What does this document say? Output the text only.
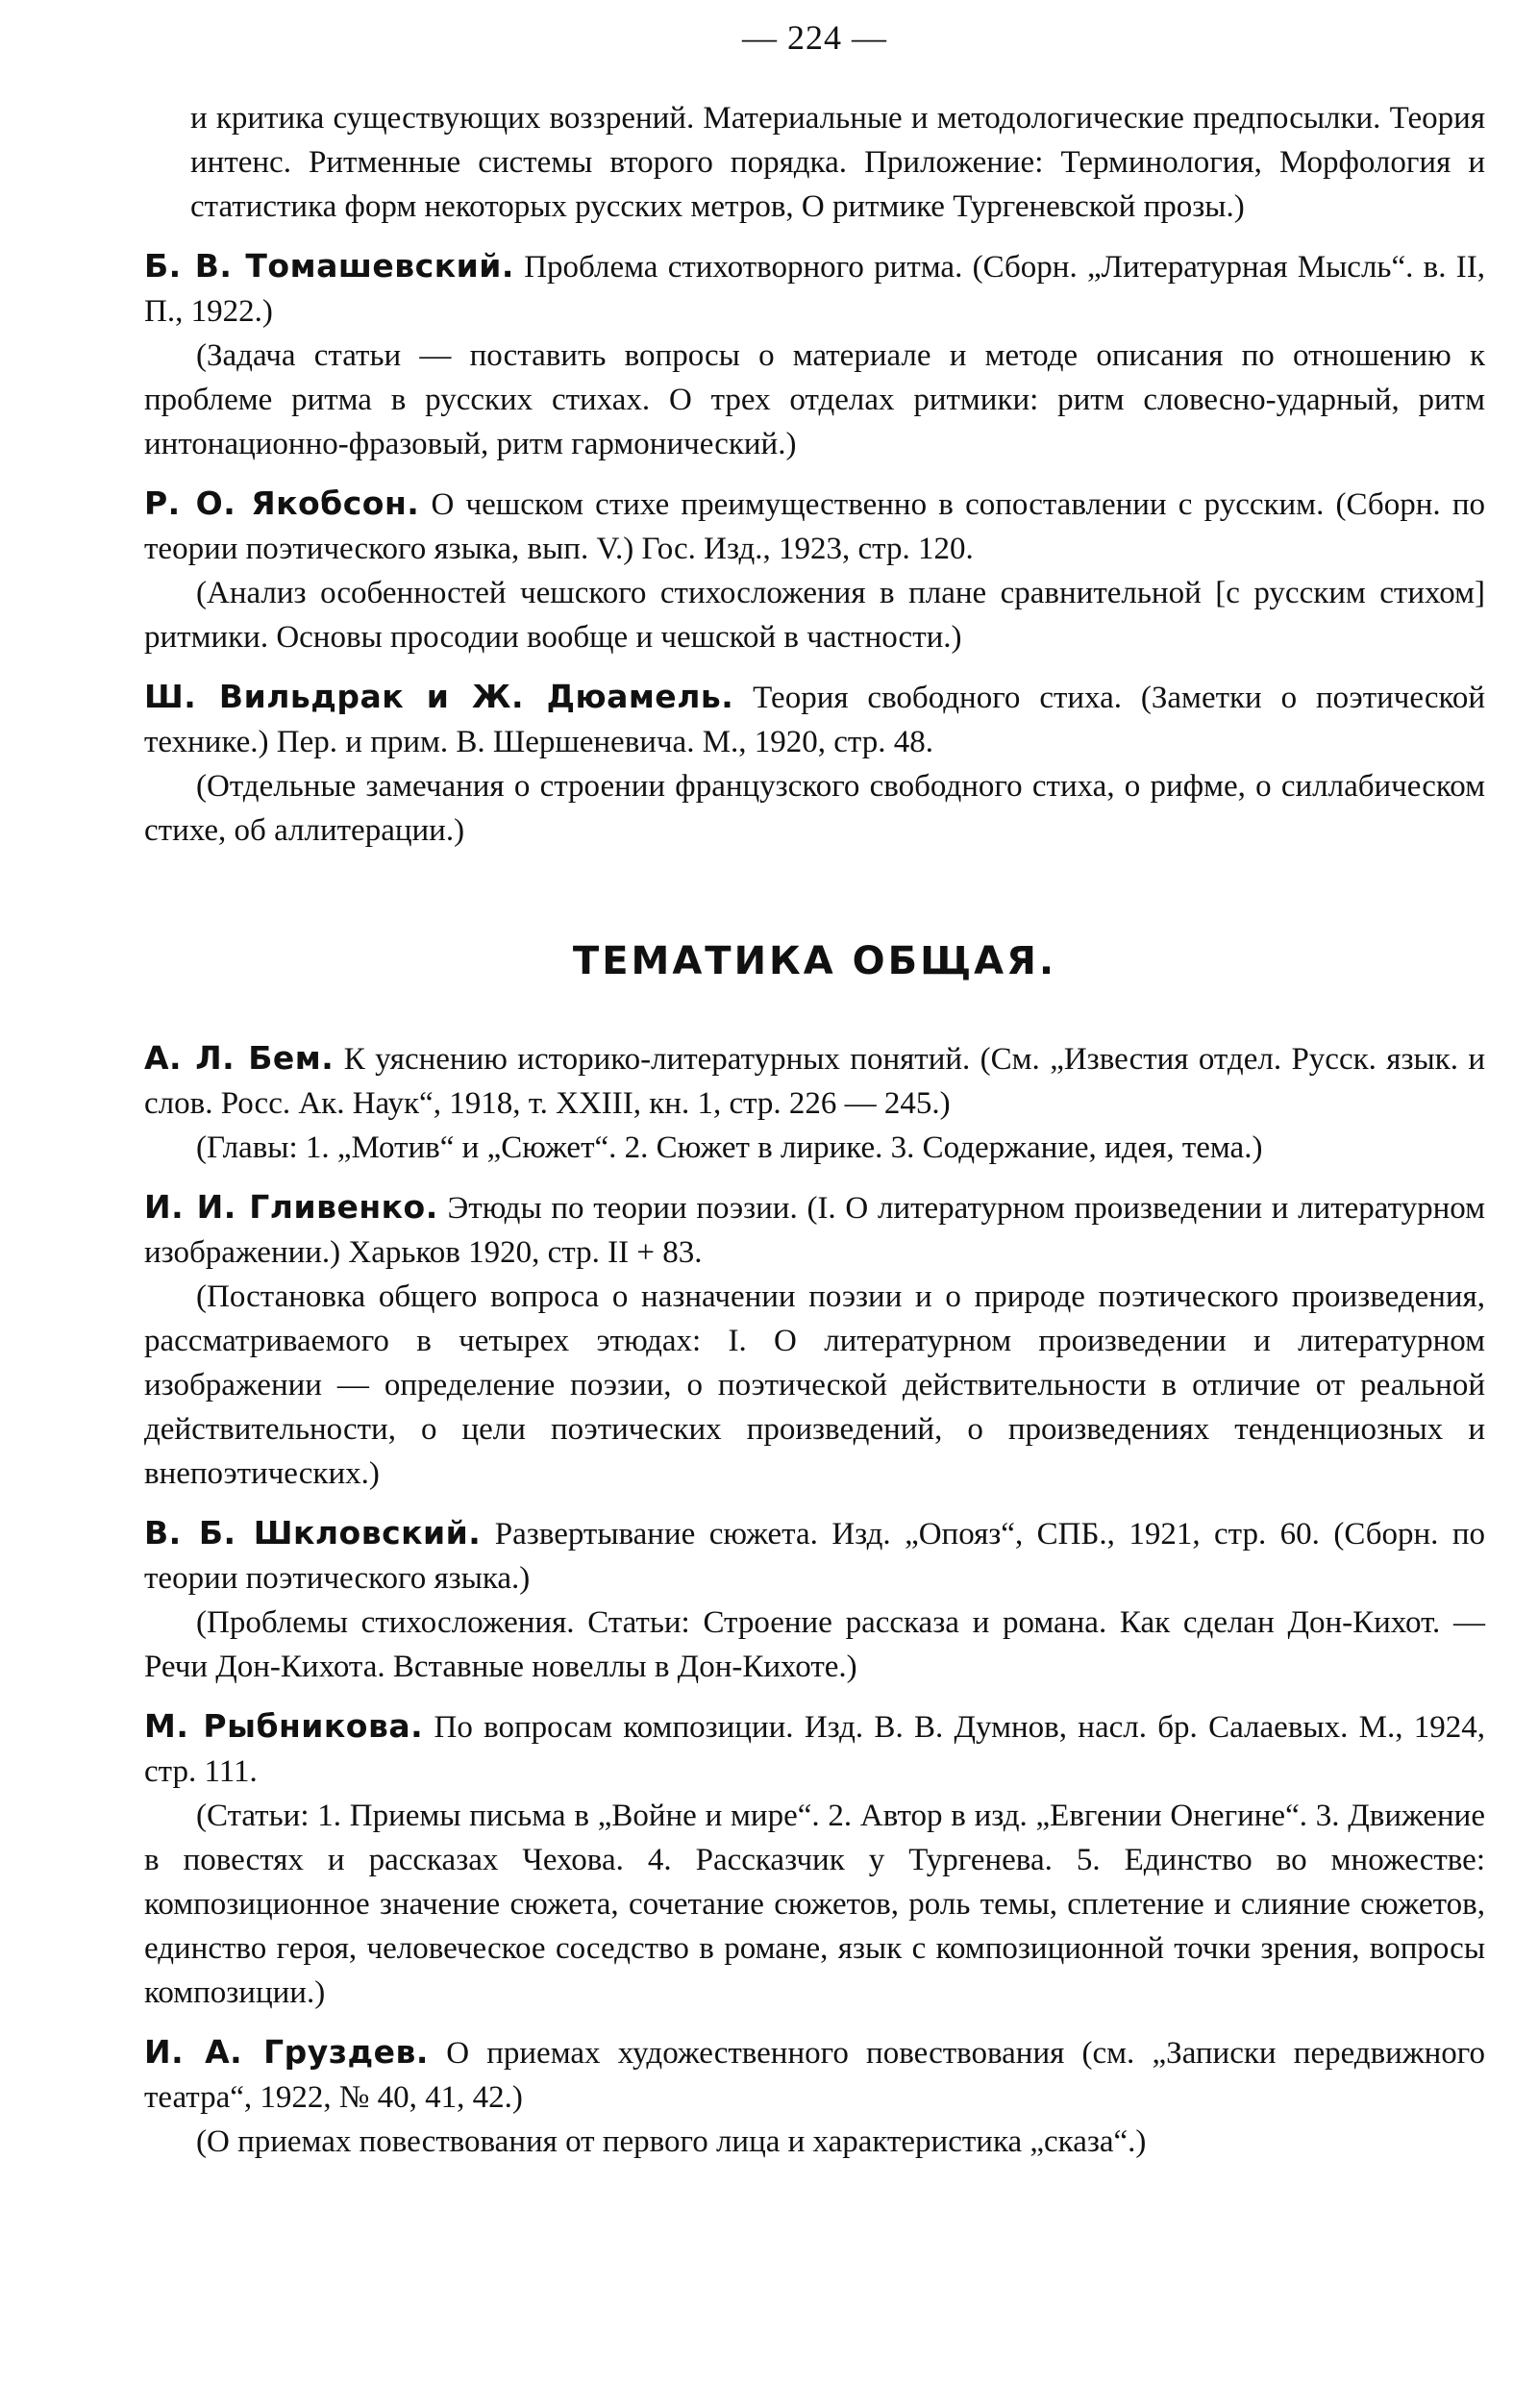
— 224 —

и критика существующих воззрений. Материальные и методологические предпосылки. Теория интенс. Ритменные системы второго порядка. Приложение: Терминология, Морфология и статистика форм некоторых русских метров, О ритмике Тургеневской прозы.)

Б. В. Томашевский. Проблема стихотворного ритма. (Сборн. „Литературная Мысль“. в. II, П., 1922.)

(Задача статьи — поставить вопросы о материале и методе описания по отношению к проблеме ритма в русских стихах. О трех отделах ритмики: ритм словесно-ударный, ритм интонационно-фразовый, ритм гармонический.)

Р. О. Якобсон. О чешском стихе преимущественно в сопоставлении с русским. (Сборн. по теории поэтического языка, вып. V.) Гос. Изд., 1923, стр. 120.

(Анализ особенностей чешского стихосложения в плане сравнительной [с русским стихом] ритмики. Основы просодии вообще и чешской в частности.)

Ш. Вильдрак и Ж. Дюамель. Теория свободного стиха. (Заметки о поэтической технике.) Пер. и прим. В. Шершеневича. М., 1920, стр. 48.

(Отдельные замечания о строении французского свободного стиха, о рифме, о силлабическом стихе, об аллитерации.)

ТЕМАТИКА ОБЩАЯ.

А. Л. Бем. К уяснению историко-литературных понятий. (См. „Известия отдел. Русск. язык. и слов. Росс. Ак. Наук“, 1918, т. XXIII, кн. 1, стр. 226 — 245.)

(Главы: 1. „Мотив“ и „Сюжет“. 2. Сюжет в лирике. 3. Содержание, идея, тема.)

И. И. Гливенко. Этюды по теории поэзии. (I. О литературном произведении и литературном изображении.) Харьков 1920, стр. II + 83.

(Постановка общего вопроса о назначении поэзии и о природе поэтического произведения, рассматриваемого в четырех этюдах: I. О литературном произведении и литературном изображении — определение поэзии, о поэтической действительности в отличие от реальной действительности, о цели поэтических произведений, о произведениях тенденциозных и внепоэтических.)

В. Б. Шкловский. Развертывание сюжета. Изд. „Опояз“, СПБ., 1921, стр. 60. (Сборн. по теории поэтического языка.)

(Проблемы стихосложения. Статьи: Строение рассказа и романа. Как сделан Дон-Кихот. — Речи Дон-Кихота. Вставные новеллы в Дон-Кихоте.)

М. Рыбникова. По вопросам композиции. Изд. В. В. Думнов, насл. бр. Салаевых. М., 1924, стр. 111.

(Статьи: 1. Приемы письма в „Войне и мире“. 2. Автор в изд. „Евгении Онегине“. 3. Движение в повестях и рассказах Чехова. 4. Рассказчик у Тургенева. 5. Единство во множестве: композиционное значение сюжета, сочетание сюжетов, роль темы, сплетение и слияние сюжетов, единство героя, человеческое соседство в романе, язык с композиционной точки зрения, вопросы композиции.)

И. А. Груздев. О приемах художественного повествования (см. „Записки передвижного театра“, 1922, № 40, 41, 42.)

(О приемах повествования от первого лица и характеристика „сказа“.)
